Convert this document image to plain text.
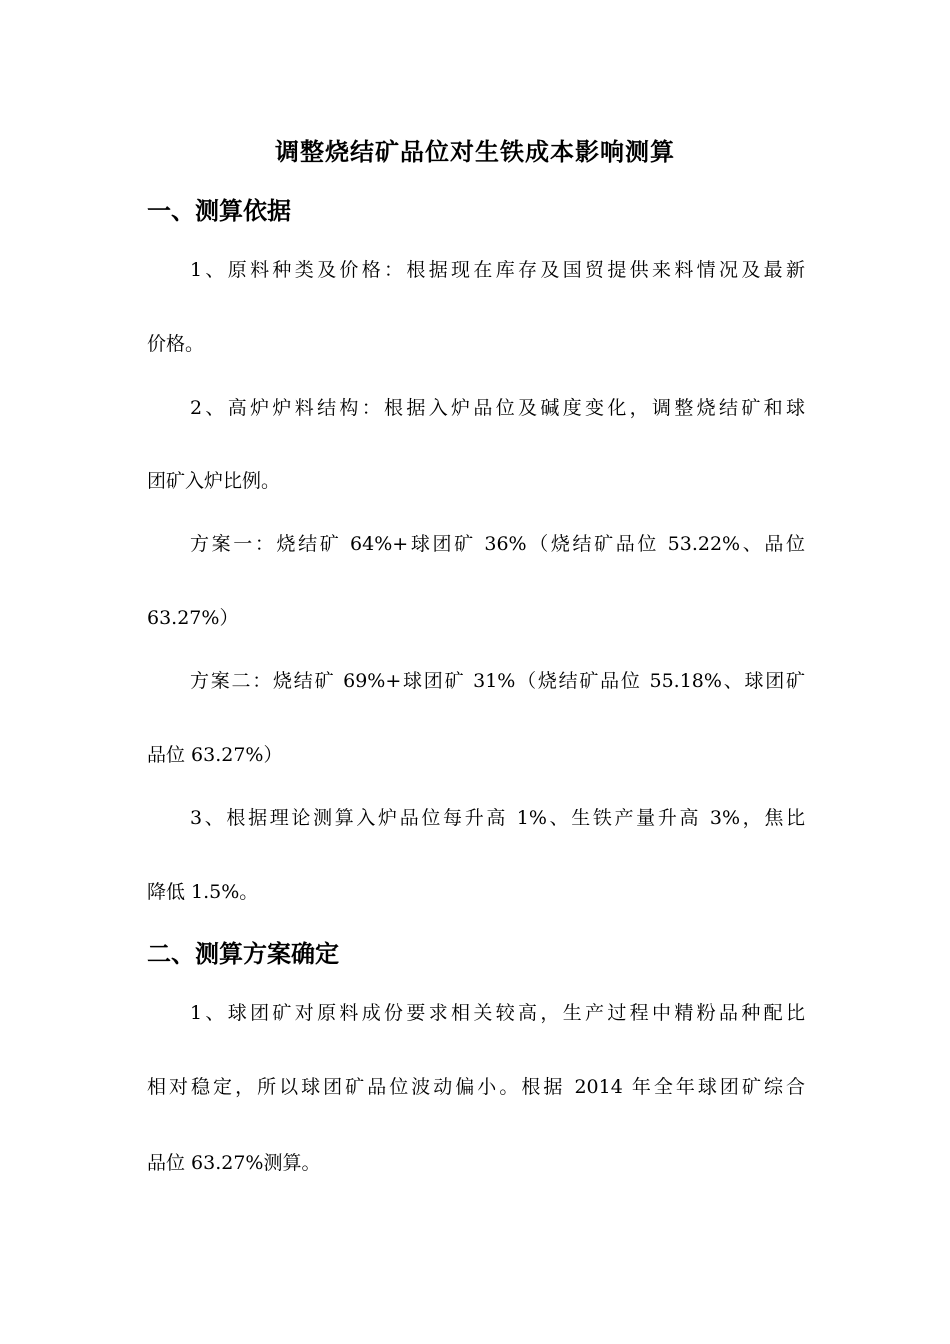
调整烧结矿品位对生铁成本影响测算
一、测算依据
1、原料种类及价格：根据现在库存及国贸提供来料情况及最新
价格。
2、高炉炉料结构：根据入炉品位及碱度变化，调整烧结矿和球
团矿入炉比例。
方案一：烧结矿 64%+球团矿 36%（烧结矿品位 53.22%、品位
63.27%）
方案二：烧结矿 69%+球团矿 31%（烧结矿品位 55.18%、球团矿
品位 63.27%）
3、根据理论测算入炉品位每升高 1%、生铁产量升高 3%，焦比
降低 1.5%。
二、测算方案确定
1、球团矿对原料成份要求相关较高，生产过程中精粉品种配比
相对稳定，所以球团矿品位波动偏小。根据 2014 年全年球团矿综合
品位 63.27%测算。
